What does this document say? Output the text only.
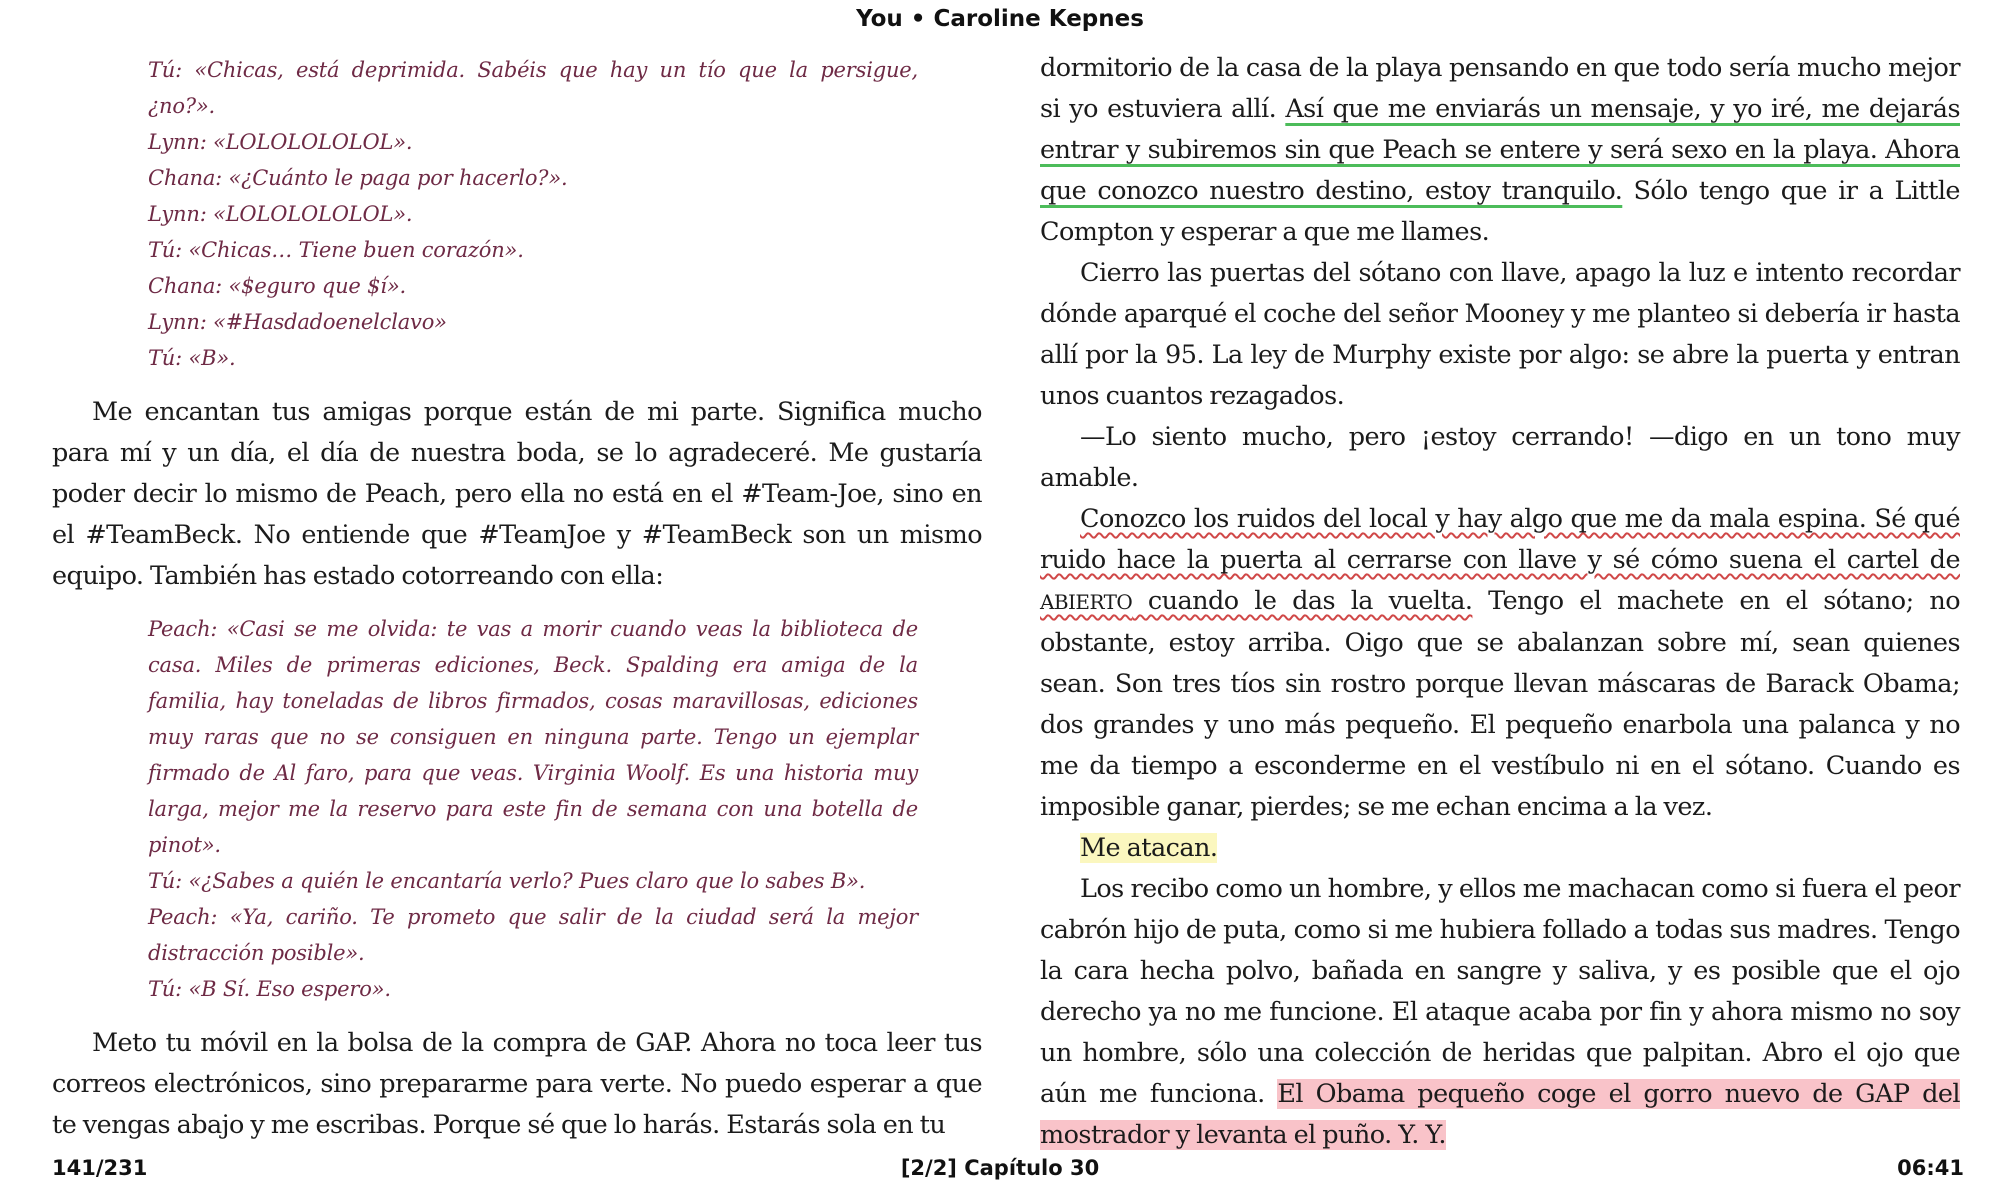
You • Caroline Kepnes
Tú: «Chicas, está deprimida. Sabéis que hay un tío que la persigue, ¿no?».
Lynn: «LOLOLOLOLOL».
Chana: «¿Cuánto le paga por hacerlo?».
Lynn: «LOLOLOLOLOL».
Tú: «Chicas… Tiene buen corazón».
Chana: «$eguro que $í».
Lynn: «#Hasdadoenelclavo»
Tú: «B».

Me encantan tus amigas porque están de mi parte. Significa mucho para mí y un día, el día de nuestra boda, se lo agradeceré. Me gustaría poder decir lo mismo de Peach, pero ella no está en el #Team-Joe, sino en el #TeamBeck. No entiende que #TeamJoe y #TeamBeck son un mismo equipo. También has estado cotorreando con ella:

Peach: «Casi se me olvida: te vas a morir cuando veas la biblioteca de casa. Miles de primeras ediciones, Beck. Spalding era amiga de la familia, hay toneladas de libros firmados, cosas maravillosas, ediciones muy raras que no se consiguen en ninguna parte. Tengo un ejemplar firmado de Al faro, para que veas. Virginia Woolf. Es una historia muy larga, mejor me la reservo para este fin de semana con una botella de pinot».
Tú: «¿Sabes a quién le encantaría verlo? Pues claro que lo sabes B».
Peach: «Ya, cariño. Te prometo que salir de la ciudad será la mejor distracción posible».
Tú: «B Sí. Eso espero».

Meto tu móvil en la bolsa de la compra de GAP. Ahora no toca leer tus correos electrónicos, sino prepararme para verte. No puedo esperar a que te vengas abajo y me escribas. Porque sé que lo harás. Estarás sola en tu

dormitorio de la casa de la playa pensando en que todo sería mucho mejor si yo estuviera allí. Así que me enviarás un mensaje, y yo iré, me dejarás entrar y subiremos sin que Peach se entere y será sexo en la playa. Ahora que conozco nuestro destino, estoy tranquilo. Sólo tengo que ir a Little Compton y esperar a que me llames.

Cierro las puertas del sótano con llave, apago la luz e intento recordar dónde aparqué el coche del señor Mooney y me planteo si debería ir hasta allí por la 95. La ley de Murphy existe por algo: se abre la puerta y entran unos cuantos rezagados.

—Lo siento mucho, pero ¡estoy cerrando! —digo en un tono muy amable.

Conozco los ruidos del local y hay algo que me da mala espina. Sé qué ruido hace la puerta al cerrarse con llave y sé cómo suena el cartel de ABIERTO cuando le das la vuelta. Tengo el machete en el sótano; no obstante, estoy arriba. Oigo que se abalanzan sobre mí, sean quienes sean. Son tres tíos sin rostro porque llevan máscaras de Barack Obama; dos grandes y uno más pequeño. El pequeño enarbola una palanca y no me da tiempo a esconderme en el vestíbulo ni en el sótano. Cuando es imposible ganar, pierdes; se me echan encima a la vez.

Me atacan.

Los recibo como un hombre, y ellos me machacan como si fuera el peor cabrón hijo de puta, como si me hubiera follado a todas sus madres. Tengo la cara hecha polvo, bañada en sangre y saliva, y es posible que el ojo derecho ya no me funcione. El ataque acaba por fin y ahora mismo no soy un hombre, sólo una colección de heridas que palpitan. Abro el ojo que aún me funciona. El Obama pequeño coge el gorro nuevo de GAP del mostrador y levanta el puño. Y. Y.

141/231	[2/2] Capítulo 30	06:41
